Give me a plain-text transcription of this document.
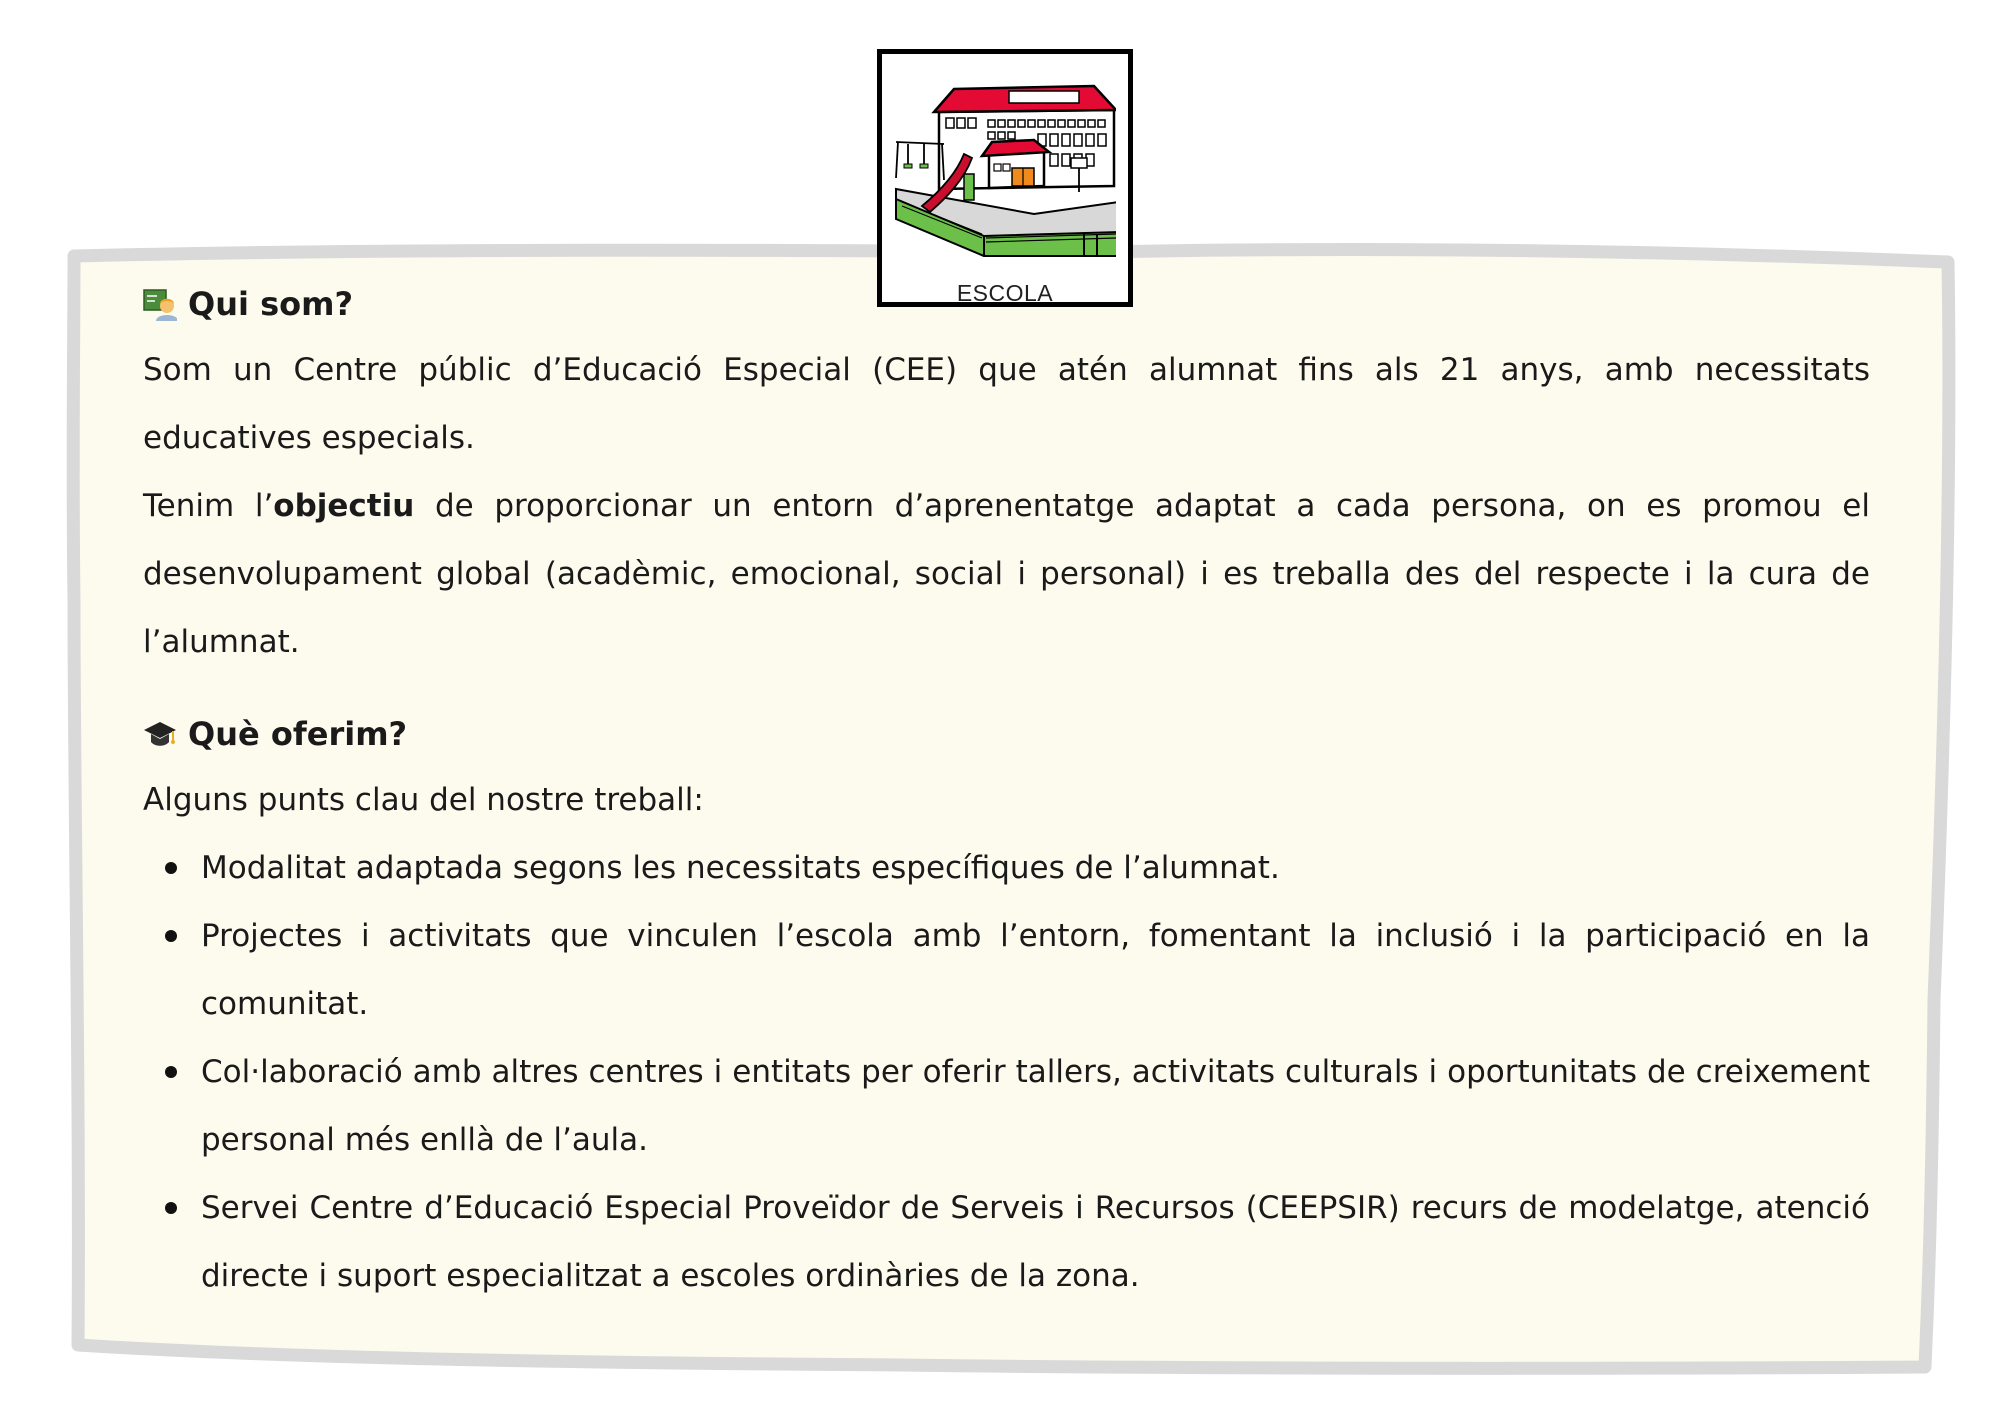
ESCOLA
Qui som?

Som un Centre públic d’Educació Especial (CEE) que atén alumnat fins als 21 anys, amb necessitats educatives especials.

Tenim l’objectiu de proporcionar un entorn d’aprenentatge adaptat a cada persona, on es promou el desenvolupament global (acadèmic, emocional, social i personal) i es treballa des del respecte i la cura de l’alumnat.

Què oferim?

Alguns punts clau del nostre treball:

Modalitat adaptada segons les necessitats específiques de l’alumnat.
Projectes i activitats que vinculen l’escola amb l’entorn, fomentant la inclusió i la participació en la comunitat.
Col·laboració amb altres centres i entitats per oferir tallers, activitats culturals i oportunitats de creixement personal més enllà de l’aula.
Servei Centre d’Educació Especial Proveïdor de Serveis i Recursos (CEEPSIR) recurs de modelatge, atenció directe i suport especialitzat a escoles ordinàries de la zona.
